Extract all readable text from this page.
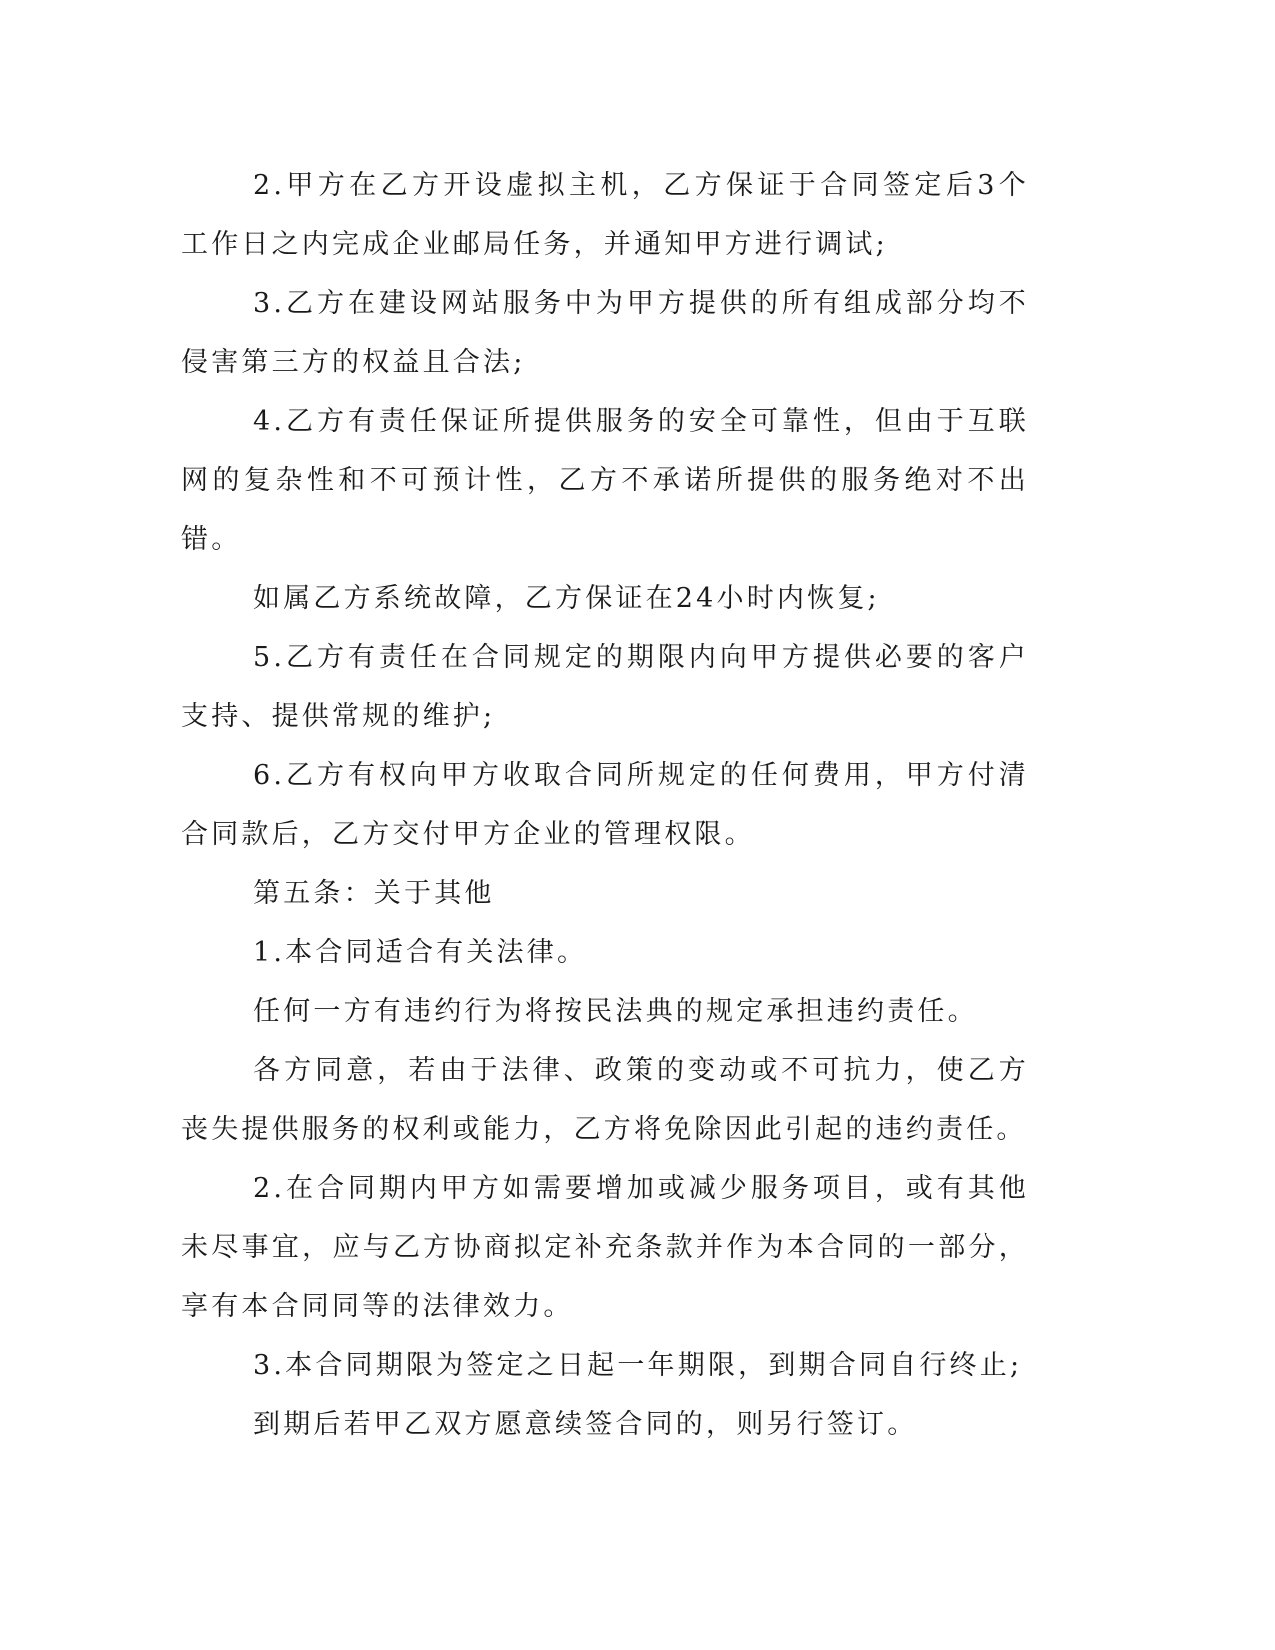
2.甲方在乙方开设虚拟主机，乙方保证于合同签定后3个工作日之内完成企业邮局任务，并通知甲方进行调试;

3.乙方在建设网站服务中为甲方提供的所有组成部分均不侵害第三方的权益且合法;

4.乙方有责任保证所提供服务的安全可靠性，但由于互联网的复杂性和不可预计性，乙方不承诺所提供的服务绝对不出错。

如属乙方系统故障，乙方保证在24小时内恢复;

5.乙方有责任在合同规定的期限内向甲方提供必要的客户支持、提供常规的维护;

6.乙方有权向甲方收取合同所规定的任何费用，甲方付清合同款后，乙方交付甲方企业的管理权限。

第五条：关于其他

1.本合同适合有关法律。

任何一方有违约行为将按民法典的规定承担违约责任。

各方同意，若由于法律、政策的变动或不可抗力，使乙方丧失提供服务的权利或能力，乙方将免除因此引起的违约责任。

2.在合同期内甲方如需要增加或减少服务项目，或有其他未尽事宜，应与乙方协商拟定补充条款并作为本合同的一部分，享有本合同同等的法律效力。

3.本合同期限为签定之日起一年期限，到期合同自行终止;

到期后若甲乙双方愿意续签合同的，则另行签订。
